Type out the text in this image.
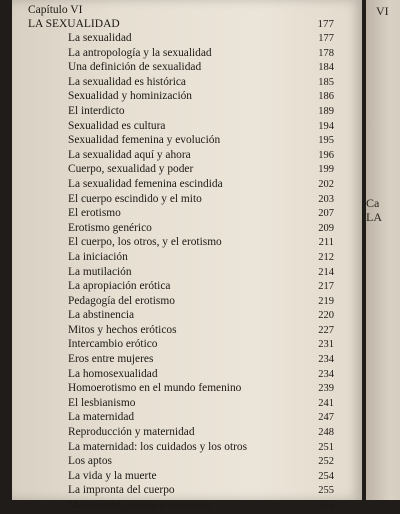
Capítulo VI
LA SEXUALIDAD	177
La sexualidad	177
La antropología y la sexualidad	178
Una definición de sexualidad	184
La sexualidad es histórica	185
Sexualidad y hominización	186
El interdicto	189
Sexualidad es cultura	194
Sexualidad femenina y evolución	195
La sexualidad aquí y ahora	196
Cuerpo, sexualidad y poder	199
La sexualidad femenina escindida	202
El cuerpo escindido y el mito	203
El erotismo	207
Erotismo genérico	209
El cuerpo, los otros, y el erotismo	211
La iniciación	212
La mutilación	214
La apropiación erótica	217
Pedagogía del erotismo	219
La abstinencia	220
Mitos y hechos eróticos	227
Intercambio erótico	231
Eros entre mujeres	234
La homosexualidad	234
Homoerotismo en el mundo femenino	239
El lesbianismo	241
La maternidad	247
Reproducción y maternidad	248
La maternidad: los cuidados y los otros	251
Los aptos	252
La vida y la muerte	254
La impronta del cuerpo	255
Maternidad, Estado e ideología	255
VI
Ca
LA
